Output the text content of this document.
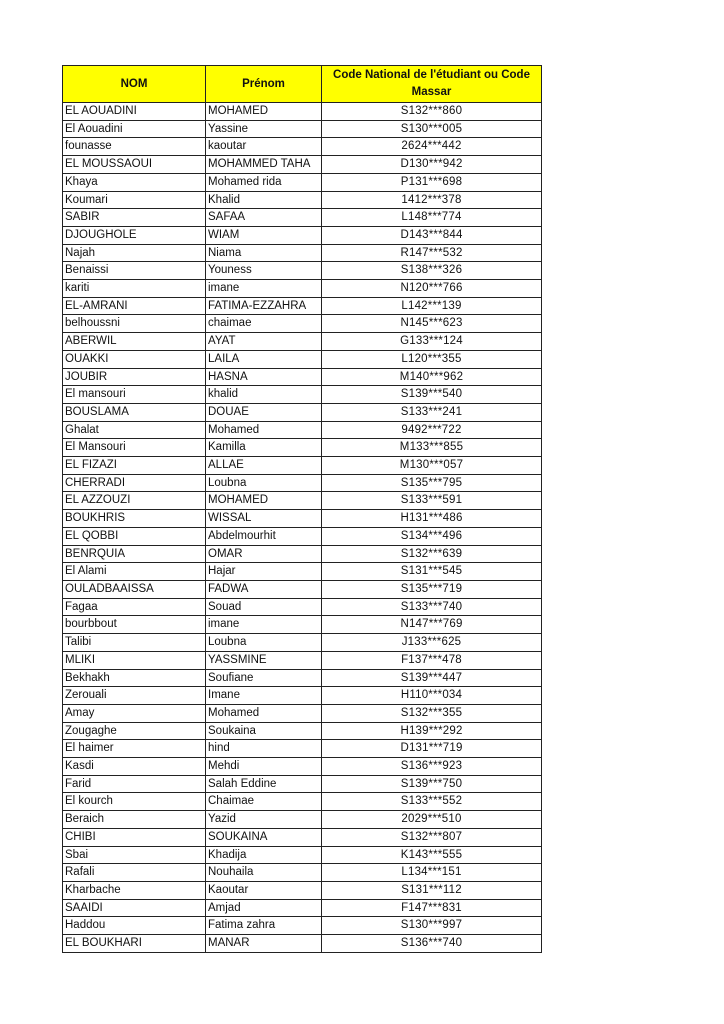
NOM	Prénom	Code National de l'étudiant ou Code Massar
EL AOUADINI	MOHAMED	S132***860
El Aouadini	Yassine	S130***005
founasse	kaoutar	2624***442
EL MOUSSAOUI	MOHAMMED TAHA	D130***942
Khaya	Mohamed rida	P131***698
Koumari	Khalid	1412***378
SABIR	SAFAA	L148***774
DJOUGHOLE	WIAM	D143***844
Najah	Niama	R147***532
Benaissi	Youness	S138***326
kariti	imane	N120***766
EL-AMRANI	FATIMA-EZZAHRA	L142***139
belhoussni	chaimae	N145***623
ABERWIL	AYAT	G133***124
OUAKKI	LAILA	L120***355
JOUBIR	HASNA	M140***962
El mansouri	khalid	S139***540
BOUSLAMA	DOUAE	S133***241
Ghalat	Mohamed	9492***722
El Mansouri	Kamilla	M133***855
EL FIZAZI	ALLAE	M130***057
CHERRADI	Loubna	S135***795
EL AZZOUZI	MOHAMED	S133***591
BOUKHRIS	WISSAL	H131***486
EL QOBBI	Abdelmourhit	S134***496
BENRQUIA	OMAR	S132***639
El Alami	Hajar	S131***545
OULADBAAISSA	FADWA	S135***719
Fagaa	Souad	S133***740
bourbbout	imane	N147***769
Talibi	Loubna	J133***625
MLIKI	YASSMINE	F137***478
Bekhakh	Soufiane	S139***447
Zerouali	Imane	H110***034
Amay	Mohamed	S132***355
Zougaghe	Soukaina	H139***292
El haimer	hind	D131***719
Kasdi	Mehdi	S136***923
Farid	Salah Eddine	S139***750
El kourch	Chaimae	S133***552
Beraich	Yazid	2029***510
CHIBI	SOUKAINA	S132***807
Sbai	Khadija	K143***555
Rafali	Nouhaila	L134***151
Kharbache	Kaoutar	S131***112
SAAIDI	Amjad	F147***831
Haddou	Fatima zahra	S130***997
EL BOUKHARI	MANAR	S136***740
